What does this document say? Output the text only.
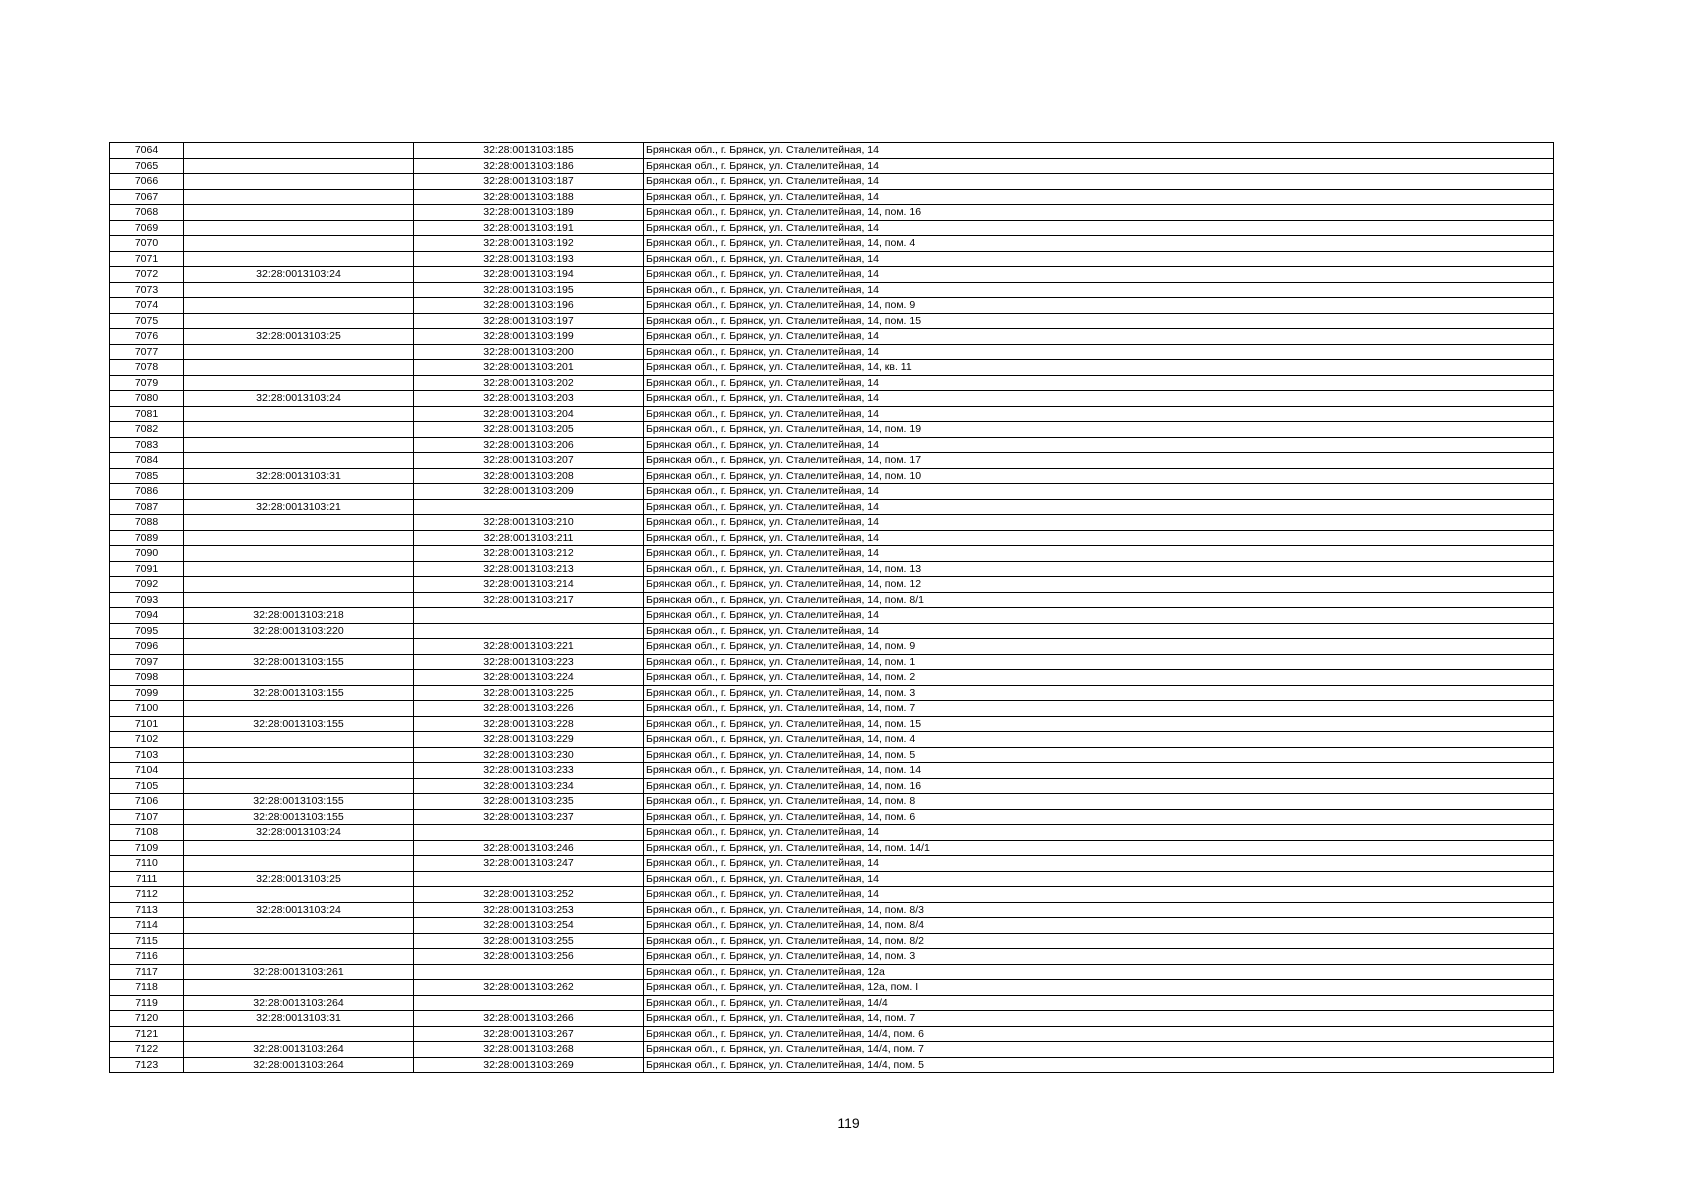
7064		32:28:0013103:185	Брянская обл., г. Брянск, ул. Сталелитейная, 14
7065		32:28:0013103:186	Брянская обл., г. Брянск, ул. Сталелитейная, 14
7066		32:28:0013103:187	Брянская обл., г. Брянск, ул. Сталелитейная, 14
7067		32:28:0013103:188	Брянская обл., г. Брянск, ул. Сталелитейная, 14
7068		32:28:0013103:189	Брянская обл., г. Брянск, ул. Сталелитейная, 14, пом. 16
7069		32:28:0013103:191	Брянская обл., г. Брянск, ул. Сталелитейная, 14
7070		32:28:0013103:192	Брянская обл., г. Брянск, ул. Сталелитейная, 14, пом. 4
7071		32:28:0013103:193	Брянская обл., г. Брянск, ул. Сталелитейная, 14
7072	32:28:0013103:24	32:28:0013103:194	Брянская обл., г. Брянск, ул. Сталелитейная, 14
7073		32:28:0013103:195	Брянская обл., г. Брянск, ул. Сталелитейная, 14
7074		32:28:0013103:196	Брянская обл., г. Брянск, ул. Сталелитейная, 14, пом. 9
7075		32:28:0013103:197	Брянская обл., г. Брянск, ул. Сталелитейная, 14, пом. 15
7076	32:28:0013103:25	32:28:0013103:199	Брянская обл., г. Брянск, ул. Сталелитейная, 14
7077		32:28:0013103:200	Брянская обл., г. Брянск, ул. Сталелитейная, 14
7078		32:28:0013103:201	Брянская обл., г. Брянск, ул. Сталелитейная, 14, кв. 11
7079		32:28:0013103:202	Брянская обл., г. Брянск, ул. Сталелитейная, 14
7080	32:28:0013103:24	32:28:0013103:203	Брянская обл., г. Брянск, ул. Сталелитейная, 14
7081		32:28:0013103:204	Брянская обл., г. Брянск, ул. Сталелитейная, 14
7082		32:28:0013103:205	Брянская обл., г. Брянск, ул. Сталелитейная, 14, пом. 19
7083		32:28:0013103:206	Брянская обл., г. Брянск, ул. Сталелитейная, 14
7084		32:28:0013103:207	Брянская обл., г. Брянск, ул. Сталелитейная, 14, пом. 17
7085	32:28:0013103:31	32:28:0013103:208	Брянская обл., г. Брянск, ул. Сталелитейная, 14, пом. 10
7086		32:28:0013103:209	Брянская обл., г. Брянск, ул. Сталелитейная, 14
7087	32:28:0013103:21		Брянская обл., г. Брянск, ул. Сталелитейная, 14
7088		32:28:0013103:210	Брянская обл., г. Брянск, ул. Сталелитейная, 14
7089		32:28:0013103:211	Брянская обл., г. Брянск, ул. Сталелитейная, 14
7090		32:28:0013103:212	Брянская обл., г. Брянск, ул. Сталелитейная, 14
7091		32:28:0013103:213	Брянская обл., г. Брянск, ул. Сталелитейная, 14, пом. 13
7092		32:28:0013103:214	Брянская обл., г. Брянск, ул. Сталелитейная, 14, пом. 12
7093		32:28:0013103:217	Брянская обл., г. Брянск, ул. Сталелитейная, 14, пом. 8/1
7094	32:28:0013103:218		Брянская обл., г. Брянск, ул. Сталелитейная, 14
7095	32:28:0013103:220		Брянская обл., г. Брянск, ул. Сталелитейная, 14
7096		32:28:0013103:221	Брянская обл., г. Брянск, ул. Сталелитейная, 14, пом. 9
7097	32:28:0013103:155	32:28:0013103:223	Брянская обл., г. Брянск, ул. Сталелитейная, 14, пом. 1
7098		32:28:0013103:224	Брянская обл., г. Брянск, ул. Сталелитейная, 14, пом. 2
7099	32:28:0013103:155	32:28:0013103:225	Брянская обл., г. Брянск, ул. Сталелитейная, 14, пом. 3
7100		32:28:0013103:226	Брянская обл., г. Брянск, ул. Сталелитейная, 14, пом. 7
7101	32:28:0013103:155	32:28:0013103:228	Брянская обл., г. Брянск, ул. Сталелитейная, 14, пом. 15
7102		32:28:0013103:229	Брянская обл., г. Брянск, ул. Сталелитейная, 14, пом. 4
7103		32:28:0013103:230	Брянская обл., г. Брянск, ул. Сталелитейная, 14, пом. 5
7104		32:28:0013103:233	Брянская обл., г. Брянск, ул. Сталелитейная, 14, пом. 14
7105		32:28:0013103:234	Брянская обл., г. Брянск, ул. Сталелитейная, 14, пом. 16
7106	32:28:0013103:155	32:28:0013103:235	Брянская обл., г. Брянск, ул. Сталелитейная, 14, пом. 8
7107	32:28:0013103:155	32:28:0013103:237	Брянская обл., г. Брянск, ул. Сталелитейная, 14, пом. 6
7108	32:28:0013103:24		Брянская обл., г. Брянск, ул. Сталелитейная, 14
7109		32:28:0013103:246	Брянская обл., г. Брянск, ул. Сталелитейная, 14, пом. 14/1
7110		32:28:0013103:247	Брянская обл., г. Брянск, ул. Сталелитейная, 14
7111	32:28:0013103:25		Брянская обл., г. Брянск, ул. Сталелитейная, 14
7112		32:28:0013103:252	Брянская обл., г. Брянск, ул. Сталелитейная, 14
7113	32:28:0013103:24	32:28:0013103:253	Брянская обл., г. Брянск, ул. Сталелитейная, 14, пом. 8/3
7114		32:28:0013103:254	Брянская обл., г. Брянск, ул. Сталелитейная, 14, пом. 8/4
7115		32:28:0013103:255	Брянская обл., г. Брянск, ул. Сталелитейная, 14, пом. 8/2
7116		32:28:0013103:256	Брянская обл., г. Брянск, ул. Сталелитейная, 14, пом. 3
7117	32:28:0013103:261		Брянская обл., г. Брянск, ул. Сталелитейная, 12а
7118		32:28:0013103:262	Брянская обл., г. Брянск, ул. Сталелитейная, 12а, пом. I
7119	32:28:0013103:264		Брянская обл., г. Брянск, ул. Сталелитейная, 14/4
7120	32:28:0013103:31	32:28:0013103:266	Брянская обл., г. Брянск, ул. Сталелитейная, 14, пом. 7
7121		32:28:0013103:267	Брянская обл., г. Брянск, ул. Сталелитейная, 14/4, пом. 6
7122	32:28:0013103:264	32:28:0013103:268	Брянская обл., г. Брянск, ул. Сталелитейная, 14/4, пом. 7
7123	32:28:0013103:264	32:28:0013103:269	Брянская обл., г. Брянск, ул. Сталелитейная, 14/4, пом. 5
119
